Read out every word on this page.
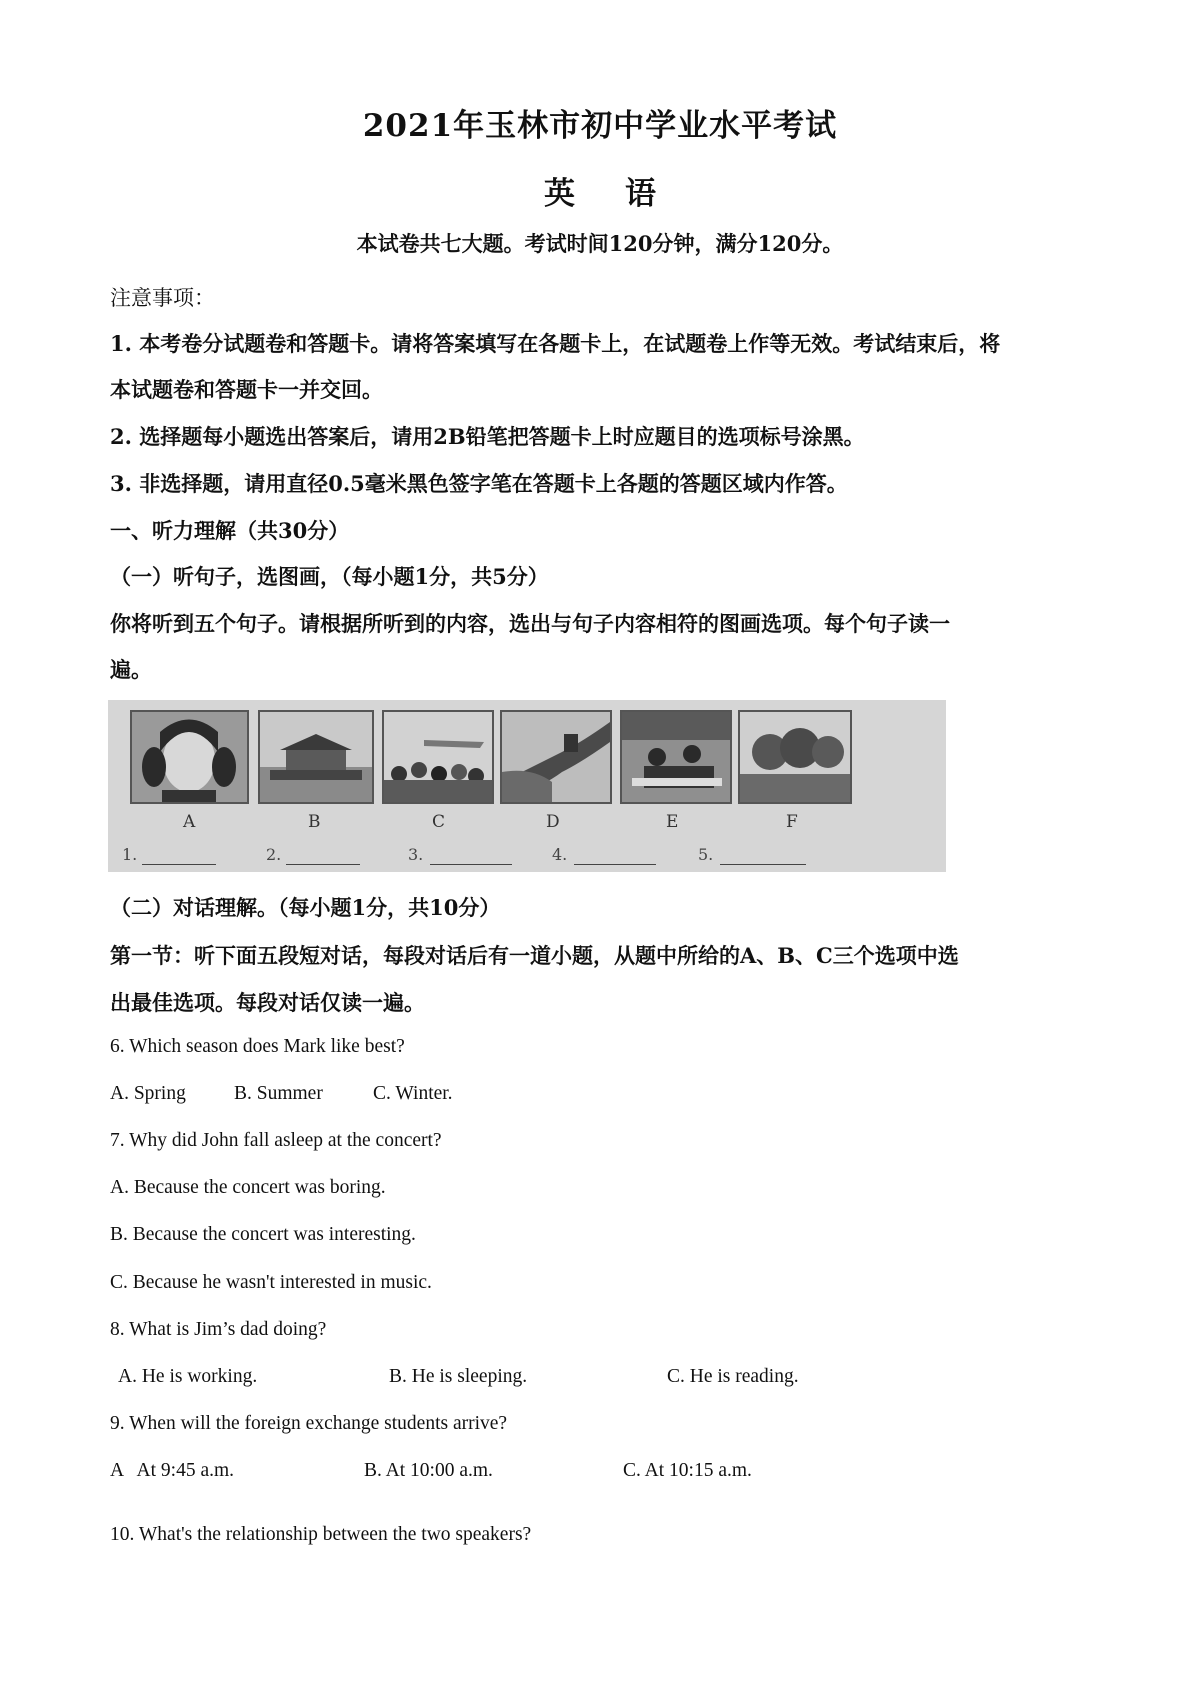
2021年玉林市初中学业水平考试
英 语
本试卷共七大题。考试时间120分钟，满分120分。
注意事项：
1. 本考卷分试题卷和答题卡。请将答案填写在各题卡上，在试题卷上作等无效。考试结束后，将
本试题卷和答题卡一并交回。
2. 选择题每小题选出答案后，请用2B铅笔把答题卡上时应题目的选项标号涂黑。
3. 非选择题，请用直径0.5毫米黑色签字笔在答题卡上各题的答题区域内作答。
一、听力理解（共30分）
（一）听句子，选图画，（每小题1分，共5分）
你将听到五个句子。请根据所听到的内容，选出与句子内容相符的图画选项。每个句子读一
遍。
A	B	C	D	E	F
1.	2.	3.	4.	5.
（二）对话理解。（每小题1分，共10分）
第一节：听下面五段短对话，每段对话后有一道小题，从题中所给的A、B、C三个选项中选
出最佳选项。每段对话仅读一遍。
6. Which season does Mark like best?
A. Spring B. Summer	C. Winter.
7. Why did John fall asleep at the concert?
A. Because the concert was boring.
B. Because the concert was interesting.
C. Because he wasn't interested in music.
8. What is Jim’s dad doing?
A. He is working.	B. He is sleeping.	C. He is reading.
9. When will the foreign exchange students arrive?
A   At 9:45 a.m.	B. At 10:00 a.m.	C. At 10:15 a.m.
10. What's the relationship between the two speakers?
